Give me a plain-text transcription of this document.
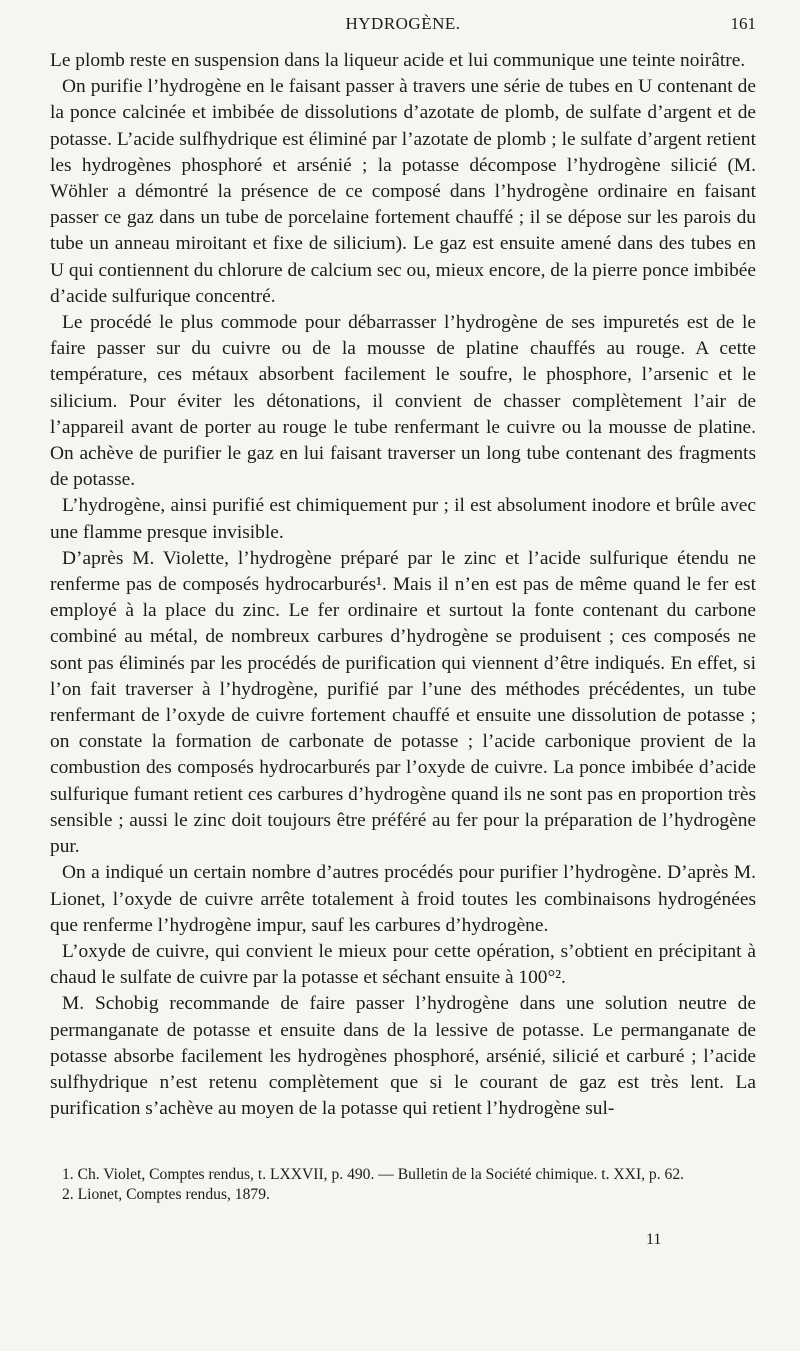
HYDROGÈNE.	161

Le plomb reste en suspension dans la liqueur acide et lui communique une teinte noirâtre.

On purifie l’hydrogène en le faisant passer à travers une série de tubes en U contenant de la ponce calcinée et imbibée de dissolutions d’azotate de plomb, de sulfate d’argent et de potasse. L’acide sulfhydrique est éliminé par l’azotate de plomb ; le sulfate d’argent retient les hydrogènes phosphoré et arsénié ; la potasse décompose l’hydrogène silicié (M. Wöhler a démontré la présence de ce composé dans l’hydrogène ordinaire en faisant passer ce gaz dans un tube de porcelaine fortement chauffé ; il se dépose sur les parois du tube un anneau miroitant et fixe de silicium). Le gaz est ensuite amené dans des tubes en U qui contiennent du chlorure de calcium sec ou, mieux encore, de la pierre ponce imbibée d’acide sulfurique concentré.

Le procédé le plus commode pour débarrasser l’hydrogène de ses impuretés est de le faire passer sur du cuivre ou de la mousse de platine chauffés au rouge. A cette température, ces métaux absorbent facilement le soufre, le phosphore, l’arsenic et le silicium. Pour éviter les détonations, il convient de chasser complètement l’air de l’appareil avant de porter au rouge le tube renfermant le cuivre ou la mousse de platine. On achève de purifier le gaz en lui faisant traverser un long tube contenant des fragments de potasse.

L’hydrogène, ainsi purifié est chimiquement pur ; il est absolument inodore et brûle avec une flamme presque invisible.

D’après M. Violette, l’hydrogène préparé par le zinc et l’acide sulfurique étendu ne renferme pas de composés hydrocarburés¹. Mais il n’en est pas de même quand le fer est employé à la place du zinc. Le fer ordinaire et surtout la fonte contenant du carbone combiné au métal, de nombreux carbures d’hydrogène se produisent ; ces composés ne sont pas éliminés par les procédés de purification qui viennent d’être indiqués. En effet, si l’on fait traverser à l’hydrogène, purifié par l’une des méthodes précédentes, un tube renfermant de l’oxyde de cuivre fortement chauffé et ensuite une dissolution de potasse ; on constate la formation de carbonate de potasse ; l’acide carbonique provient de la combustion des composés hydrocarburés par l’oxyde de cuivre. La ponce imbibée d’acide sulfurique fumant retient ces carbures d’hydrogène quand ils ne sont pas en proportion très sensible ; aussi le zinc doit toujours être préféré au fer pour la préparation de l’hydrogène pur.

On a indiqué un certain nombre d’autres procédés pour purifier l’hydrogène. D’après M. Lionet, l’oxyde de cuivre arrête totalement à froid toutes les combinaisons hydrogénées que renferme l’hydrogène impur, sauf les carbures d’hydrogène.

L’oxyde de cuivre, qui convient le mieux pour cette opération, s’obtient en précipitant à chaud le sulfate de cuivre par la potasse et séchant ensuite à 100°².

M. Schobig recommande de faire passer l’hydrogène dans une solution neutre de permanganate de potasse et ensuite dans de la lessive de potasse. Le permanganate de potasse absorbe facilement les hydrogènes phosphoré, arsénié, silicié et carburé ; l’acide sulfhydrique n’est retenu complètement que si le courant de gaz est très lent. La purification s’achève au moyen de la potasse qui retient l’hydrogène sul-

1. Ch. Violet, Comptes rendus, t. LXXVII, p. 490. — Bulletin de la Société chimique. t. XXI, p. 62.

2. Lionet, Comptes rendus, 1879.

11
